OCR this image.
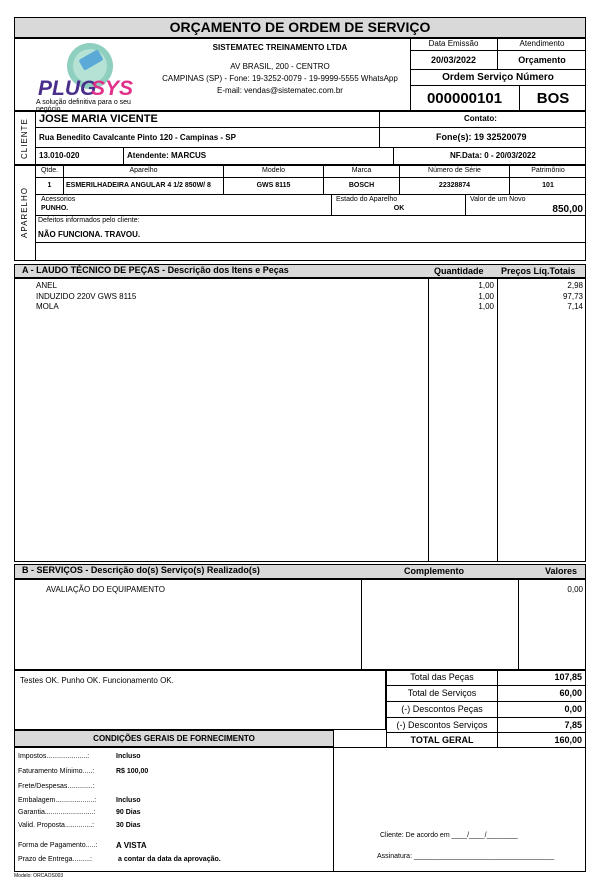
ORÇAMENTO DE ORDEM DE SERVIÇO
PLUG
SYS
A solução definitiva para o seu negócio.
SISTEMATEC TREINAMENTO LTDA
AV BRASIL, 200 - CENTRO
CAMPINAS (SP) - Fone: 19-3252-0079 - 19-9999-5555 WhatsApp
E-mail: vendas@sistematec.com.br
Data Emissão	Atendimento
20/03/2022	Orçamento
Ordem Serviço Número
000000101	BOS
CLIENTE JOSE MARIA VICENTE	Contato:
Rua Benedito Cavalcante Pinto 120 - Campinas - SP	Fone(s): 19 32520079
13.010-020	Atendente: MARCUS	NF.Data: 0 - 20/03/2022
APARELHO
Qtde.	Aparelho	Modelo	Marca	Número de Série	Patrimônio
1	ESMERILHADEIRA ANGULAR 4 1/2 850W/ 8	GWS 8115	BOSCH	22328874	101
Acessorios
PUNHO.
Estado do Aparelho
OK
Valor de um Novo
850,00
Defeitos informados pelo cliente:
NÃO FUNCIONA. TRAVOU.
A - LAUDO TÉCNICO DE PEÇAS - Descrição dos Itens e Peças	Quantidade Preços Líq.Totais
ANEL	1,00	2,98
INDUZIDO 220V GWS 8115	1,00	97,73
MOLA	1,00	7,14
B - SERVIÇOS - Descrição do(s) Serviço(s) Realizado(s)	Complemento	Valores
AVALIAÇÃO DO EQUIPAMENTO	0,00
Testes OK. Punho OK. Funcionamento OK.	Total das Peças	107,85
Total de Serviços	60,00
(-) Descontos Peças	0,00
(-) Descontos Serviços	7,85
TOTAL GERAL	160,00
CONDIÇÕES GERAIS DE FORNECIMENTO
Impostos.....................:	Incluso
Faturamento Mínimo.....:	R$ 100,00
Frete/Despesas.............:
Embalagem....................:	Incluso
Garantia.........................:	90 Dias
Valid. Proposta..............:	30 Dias
Forma de Pagamento.....: A VISTA
Prazo de Entrega.........:	a contar da data da aprovação.
Cliente: De acordo em ____/____/________
Assinatura: ____________________________________
Modelo: ORCAOS003
